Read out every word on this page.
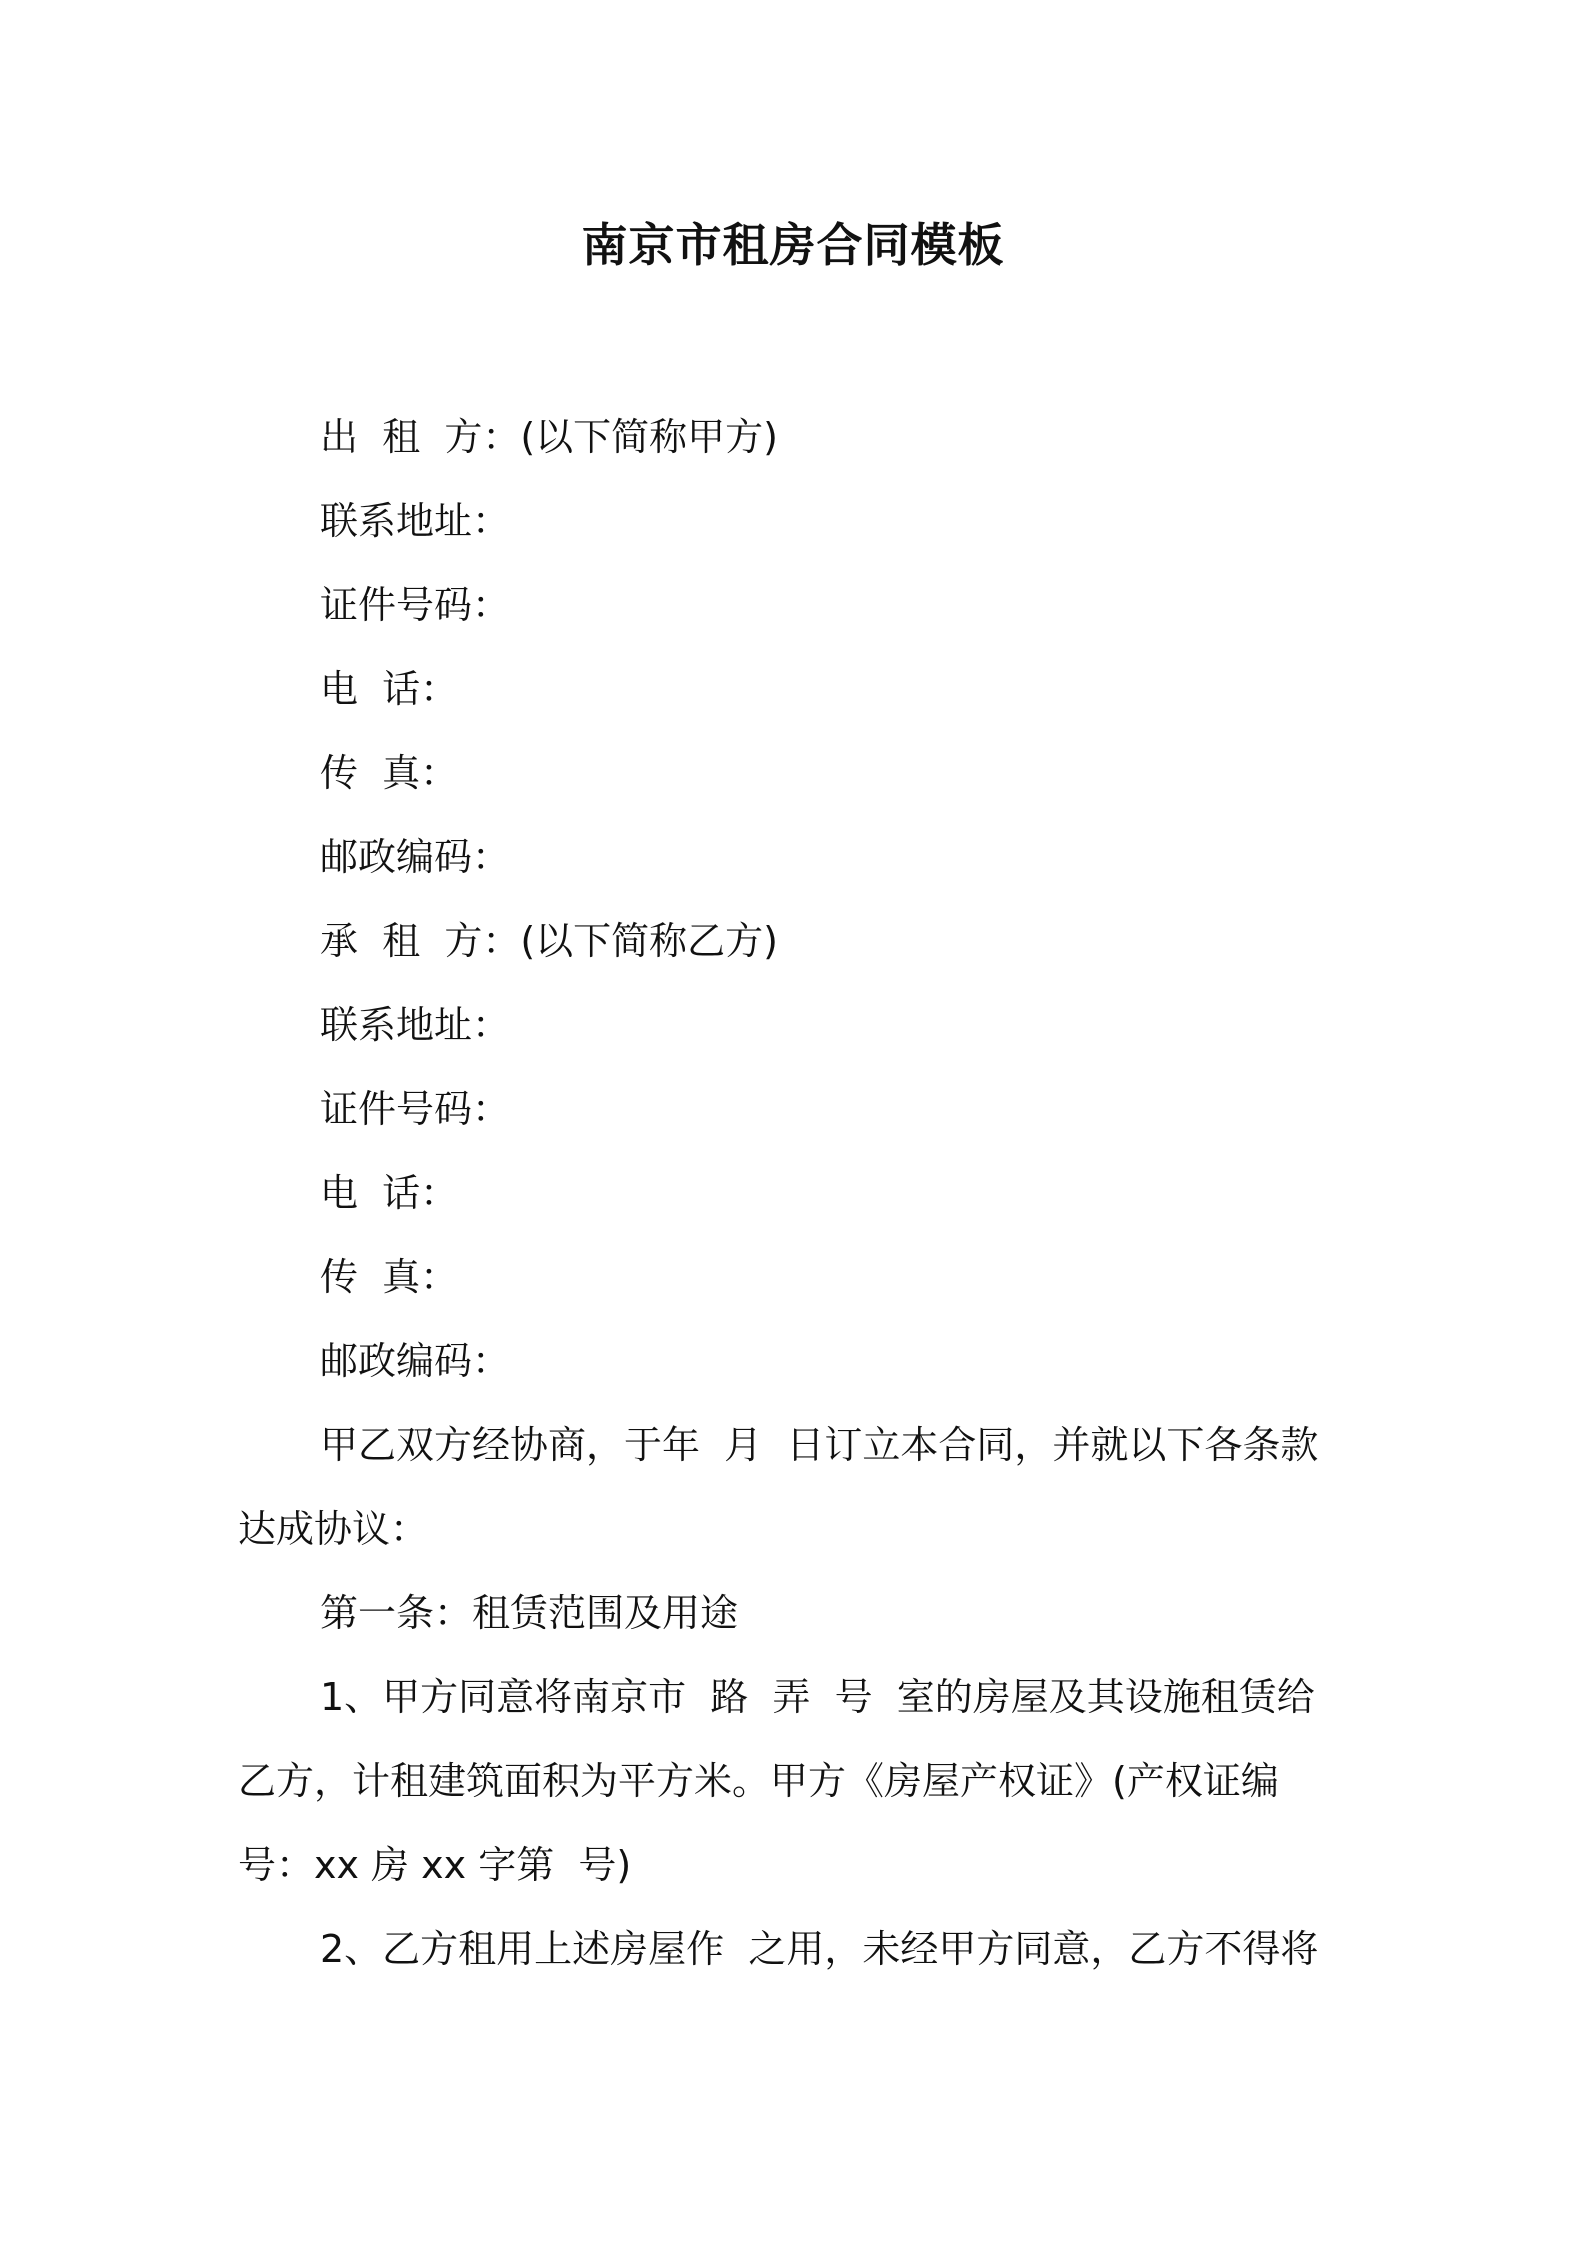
南京市租房合同模板
出  租  方：(以下简称甲方)
联系地址：
证件号码：
电  话：
传  真：
邮政编码：
承  租  方：(以下简称乙方)
联系地址：
证件号码：
电  话：
传  真：
邮政编码：
甲乙双方经协商，于年  月  日订立本合同，并就以下各条款
达成协议：
第一条：租赁范围及用途
1、甲方同意将南京市  路  弄  号  室的房屋及其设施租赁给
乙方，计租建筑面积为平方米。甲方《房屋产权证》(产权证编
号：xx 房 xx 字第  号)
2、乙方租用上述房屋作  之用，未经甲方同意，乙方不得将
